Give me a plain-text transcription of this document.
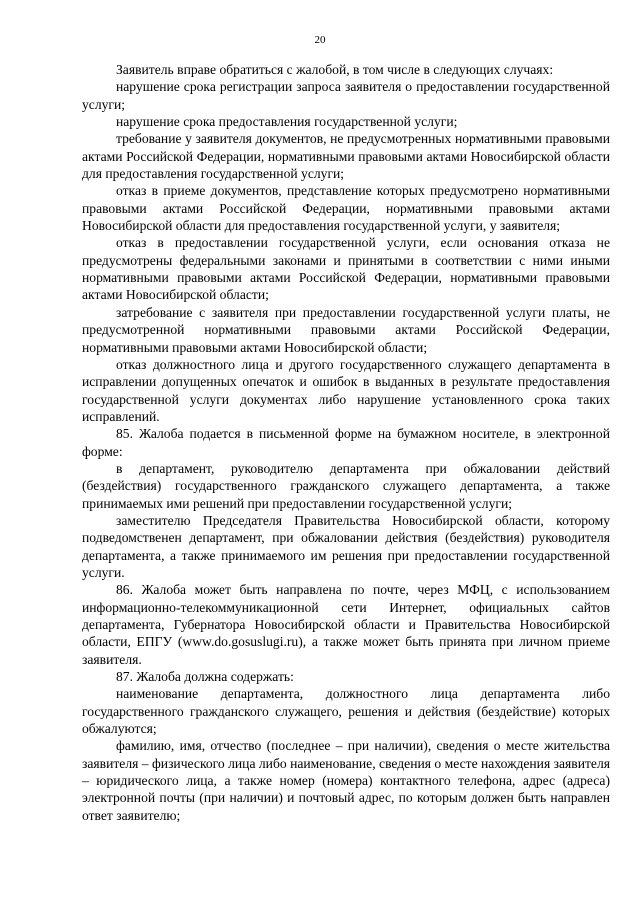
20

Заявитель вправе обратиться с жалобой, в том числе в следующих случаях:

нарушение срока регистрации запроса заявителя о предоставлении государственной услуги;

нарушение срока предоставления государственной услуги;

требование у заявителя документов, не предусмотренных нормативными правовыми актами Российской Федерации, нормативными правовыми актами Новосибирской области для предоставления государственной услуги;

отказ в приеме документов, представление которых предусмотрено нормативными правовыми актами Российской Федерации, нормативными правовыми актами Новосибирской области для предоставления государственной услуги, у заявителя;

отказ в предоставлении государственной услуги, если основания отказа не предусмотрены федеральными законами и принятыми в соответствии с ними иными нормативными правовыми актами Российской Федерации, нормативными правовыми актами Новосибирской области;

затребование с заявителя при предоставлении государственной услуги платы, не предусмотренной нормативными правовыми актами Российской Федерации, нормативными правовыми актами Новосибирской области;

отказ должностного лица и другого государственного служащего департамента в исправлении допущенных опечаток и ошибок в выданных в результате предоставления государственной услуги документах либо нарушение установленного срока таких исправлений.

85. Жалоба подается в письменной форме на бумажном носителе, в электронной форме:

в департамент, руководителю департамента при обжаловании действий (бездействия) государственного гражданского служащего департамента, а также принимаемых ими решений при предоставлении государственной услуги;

заместителю Председателя Правительства Новосибирской области, которому подведомственен департамент, при обжаловании действия (бездействия) руководителя департамента, а также принимаемого им решения при предоставлении государственной услуги.

86. Жалоба может быть направлена по почте, через МФЦ, с использованием информационно-телекоммуникационной сети Интернет, официальных сайтов департамента, Губернатора Новосибирской области и Правительства Новосибирской области, ЕПГУ (www.do.gosuslugi.ru), а также может быть принята при личном приеме заявителя.

87. Жалоба должна содержать:

наименование департамента, должностного лица департамента либо государственного гражданского служащего, решения и действия (бездействие) которых обжалуются;

фамилию, имя, отчество (последнее – при наличии), сведения о месте жительства заявителя – физического лица либо наименование, сведения о месте нахождения заявителя – юридического лица, а также номер (номера) контактного телефона, адрес (адреса) электронной почты (при наличии) и почтовый адрес, по которым должен быть направлен ответ заявителю;
